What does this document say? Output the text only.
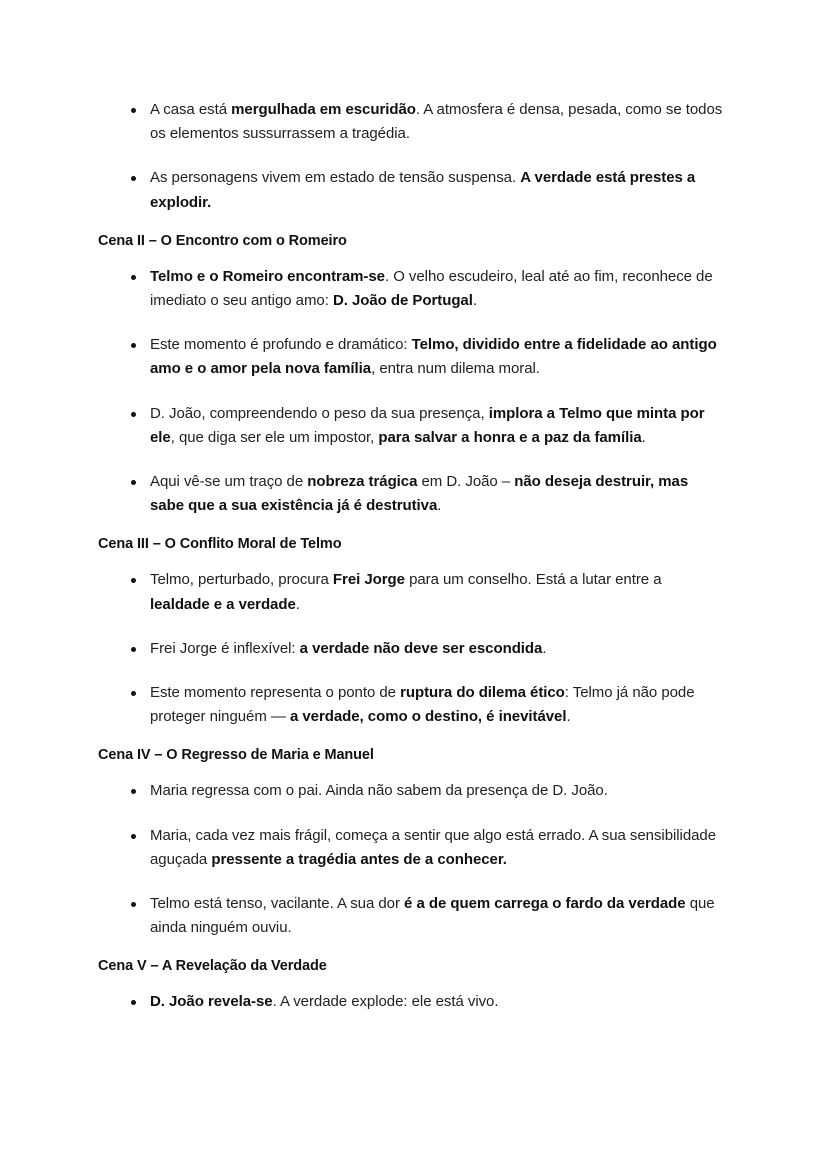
A casa está mergulhada em escuridão. A atmosfera é densa, pesada, como se todos os elementos sussurrassem a tragédia.
As personagens vivem em estado de tensão suspensa. A verdade está prestes a explodir.
Cena II – O Encontro com o Romeiro
Telmo e o Romeiro encontram-se. O velho escudeiro, leal até ao fim, reconhece de imediato o seu antigo amo: D. João de Portugal.
Este momento é profundo e dramático: Telmo, dividido entre a fidelidade ao antigo amo e o amor pela nova família, entra num dilema moral.
D. João, compreendendo o peso da sua presença, implora a Telmo que minta por ele, que diga ser ele um impostor, para salvar a honra e a paz da família.
Aqui vê-se um traço de nobreza trágica em D. João – não deseja destruir, mas sabe que a sua existência já é destrutiva.
Cena III – O Conflito Moral de Telmo
Telmo, perturbado, procura Frei Jorge para um conselho. Está a lutar entre a lealdade e a verdade.
Frei Jorge é inflexível: a verdade não deve ser escondida.
Este momento representa o ponto de ruptura do dilema ético: Telmo já não pode proteger ninguém — a verdade, como o destino, é inevitável.
Cena IV – O Regresso de Maria e Manuel
Maria regressa com o pai. Ainda não sabem da presença de D. João.
Maria, cada vez mais frágil, começa a sentir que algo está errado. A sua sensibilidade aguçada pressente a tragédia antes de a conhecer.
Telmo está tenso, vacilante. A sua dor é a de quem carrega o fardo da verdade que ainda ninguém ouviu.
Cena V – A Revelação da Verdade
D. João revela-se. A verdade explode: ele está vivo.
